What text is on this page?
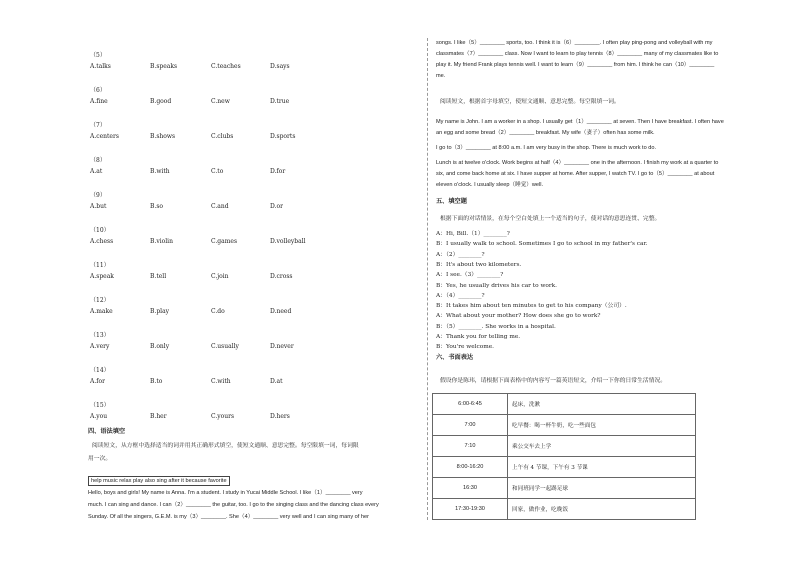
（5）
A.talks	B.speaks	C.teaches	D.says
（6）
A.fine	B.good	C.new	D.true
（7）
A.centers	B.shows	C.clubs	D.sports
（8）
A.at	B.with	C.to	D.for
（9）
A.but	B.so	C.and	D.or
（10）
A.chess	B.violin	C.games	D.volleyball
（11）
A.speak	B.tell	C.join	D.cross
（12）
A.make	B.play	C.do	D.need
（13）
A.very	B.only	C.usually	D.never
（14）
A.for	B.to	C.with	D.at
（15）
A.you	B.her	C.yours	D.hers
四、语法填空
阅读短文，从方框中选择适当的词并用其正确形式填空，使短文通顺、意思完整。每空限填一词，每词限
用一次。
help music relax play also sing after it because favorite
Hello, boys and girls! My name is Anna. I'm a student. I study in Yucai Middle School. I like（1）________ very
much. I can sing and dance. I can（2）________ the guitar, too. I go to the singing class and the dancing class every
Sunday. Of all the singers, G.E.M. is my（3）________. She（4）________ very well and I can sing many of her
songs. I like（5）________ sports, too. I think it is（6）________. I often play ping-pong and volleyball with my
classmates（7）________ class. Now I want to learn to play tennis（8）________ many of my classmates like to
play it. My friend Frank plays tennis well. I want to learn（9）________ from him. I think he can（10）________
me.
阅读短文，根据首字母填空，使短文通顺、意思完整。每空限填一词。
My name is John. I am a worker in a shop. I usually get（1）________ at seven. Then I have breakfast. I often have
an egg and some bread（2）________ breakfast. My wife（妻子）often has some milk.
I go to（3）________ at 8:00 a.m. I am very busy in the shop. There is much work to do.
Lunch is at twelve o'clock. Work begins at half（4）________ one in the afternoon. I finish my work at a quarter to
six, and come back home at six. I have supper at home. After supper, I watch TV. I go to（5）________ at about
eleven o'clock. I usually sleep（睡觉）well.
五、填空题
根据下面的对话情景，在每个空白处填上一个适当的句子，使对话的意思连贯、完整。
A：Hi, Bill.（1）________?
B：I usually walk to school. Sometimes I go to school in my father's car.
A：（2）________?
B：It's about two kilometers.
A：I see.（3）________?
B：Yes, he usually drives his car to work.
A：（4）________?
B：It takes him about ten minutes to get to his company（公司）.
A：What about your mother? How does she go to work?
B：（5）________. She works in a hospital.
A：Thank you for telling me.
B：You're welcome.
六、书面表达
假设你是陈玮，请根据下面表格中的内容写一篇英语短文，介绍一下你的日常生活情况。
6:00-6:45	起床，洗漱
7:00	吃早餐：喝一杯牛奶，吃一些面包
7:10	乘公交车去上学
8:00-16:20	上午有 4 节课，下午有 3 节课
16:30	和同班同学一起踢足球
17:30-19:30	回家，做作业，吃晚饭
